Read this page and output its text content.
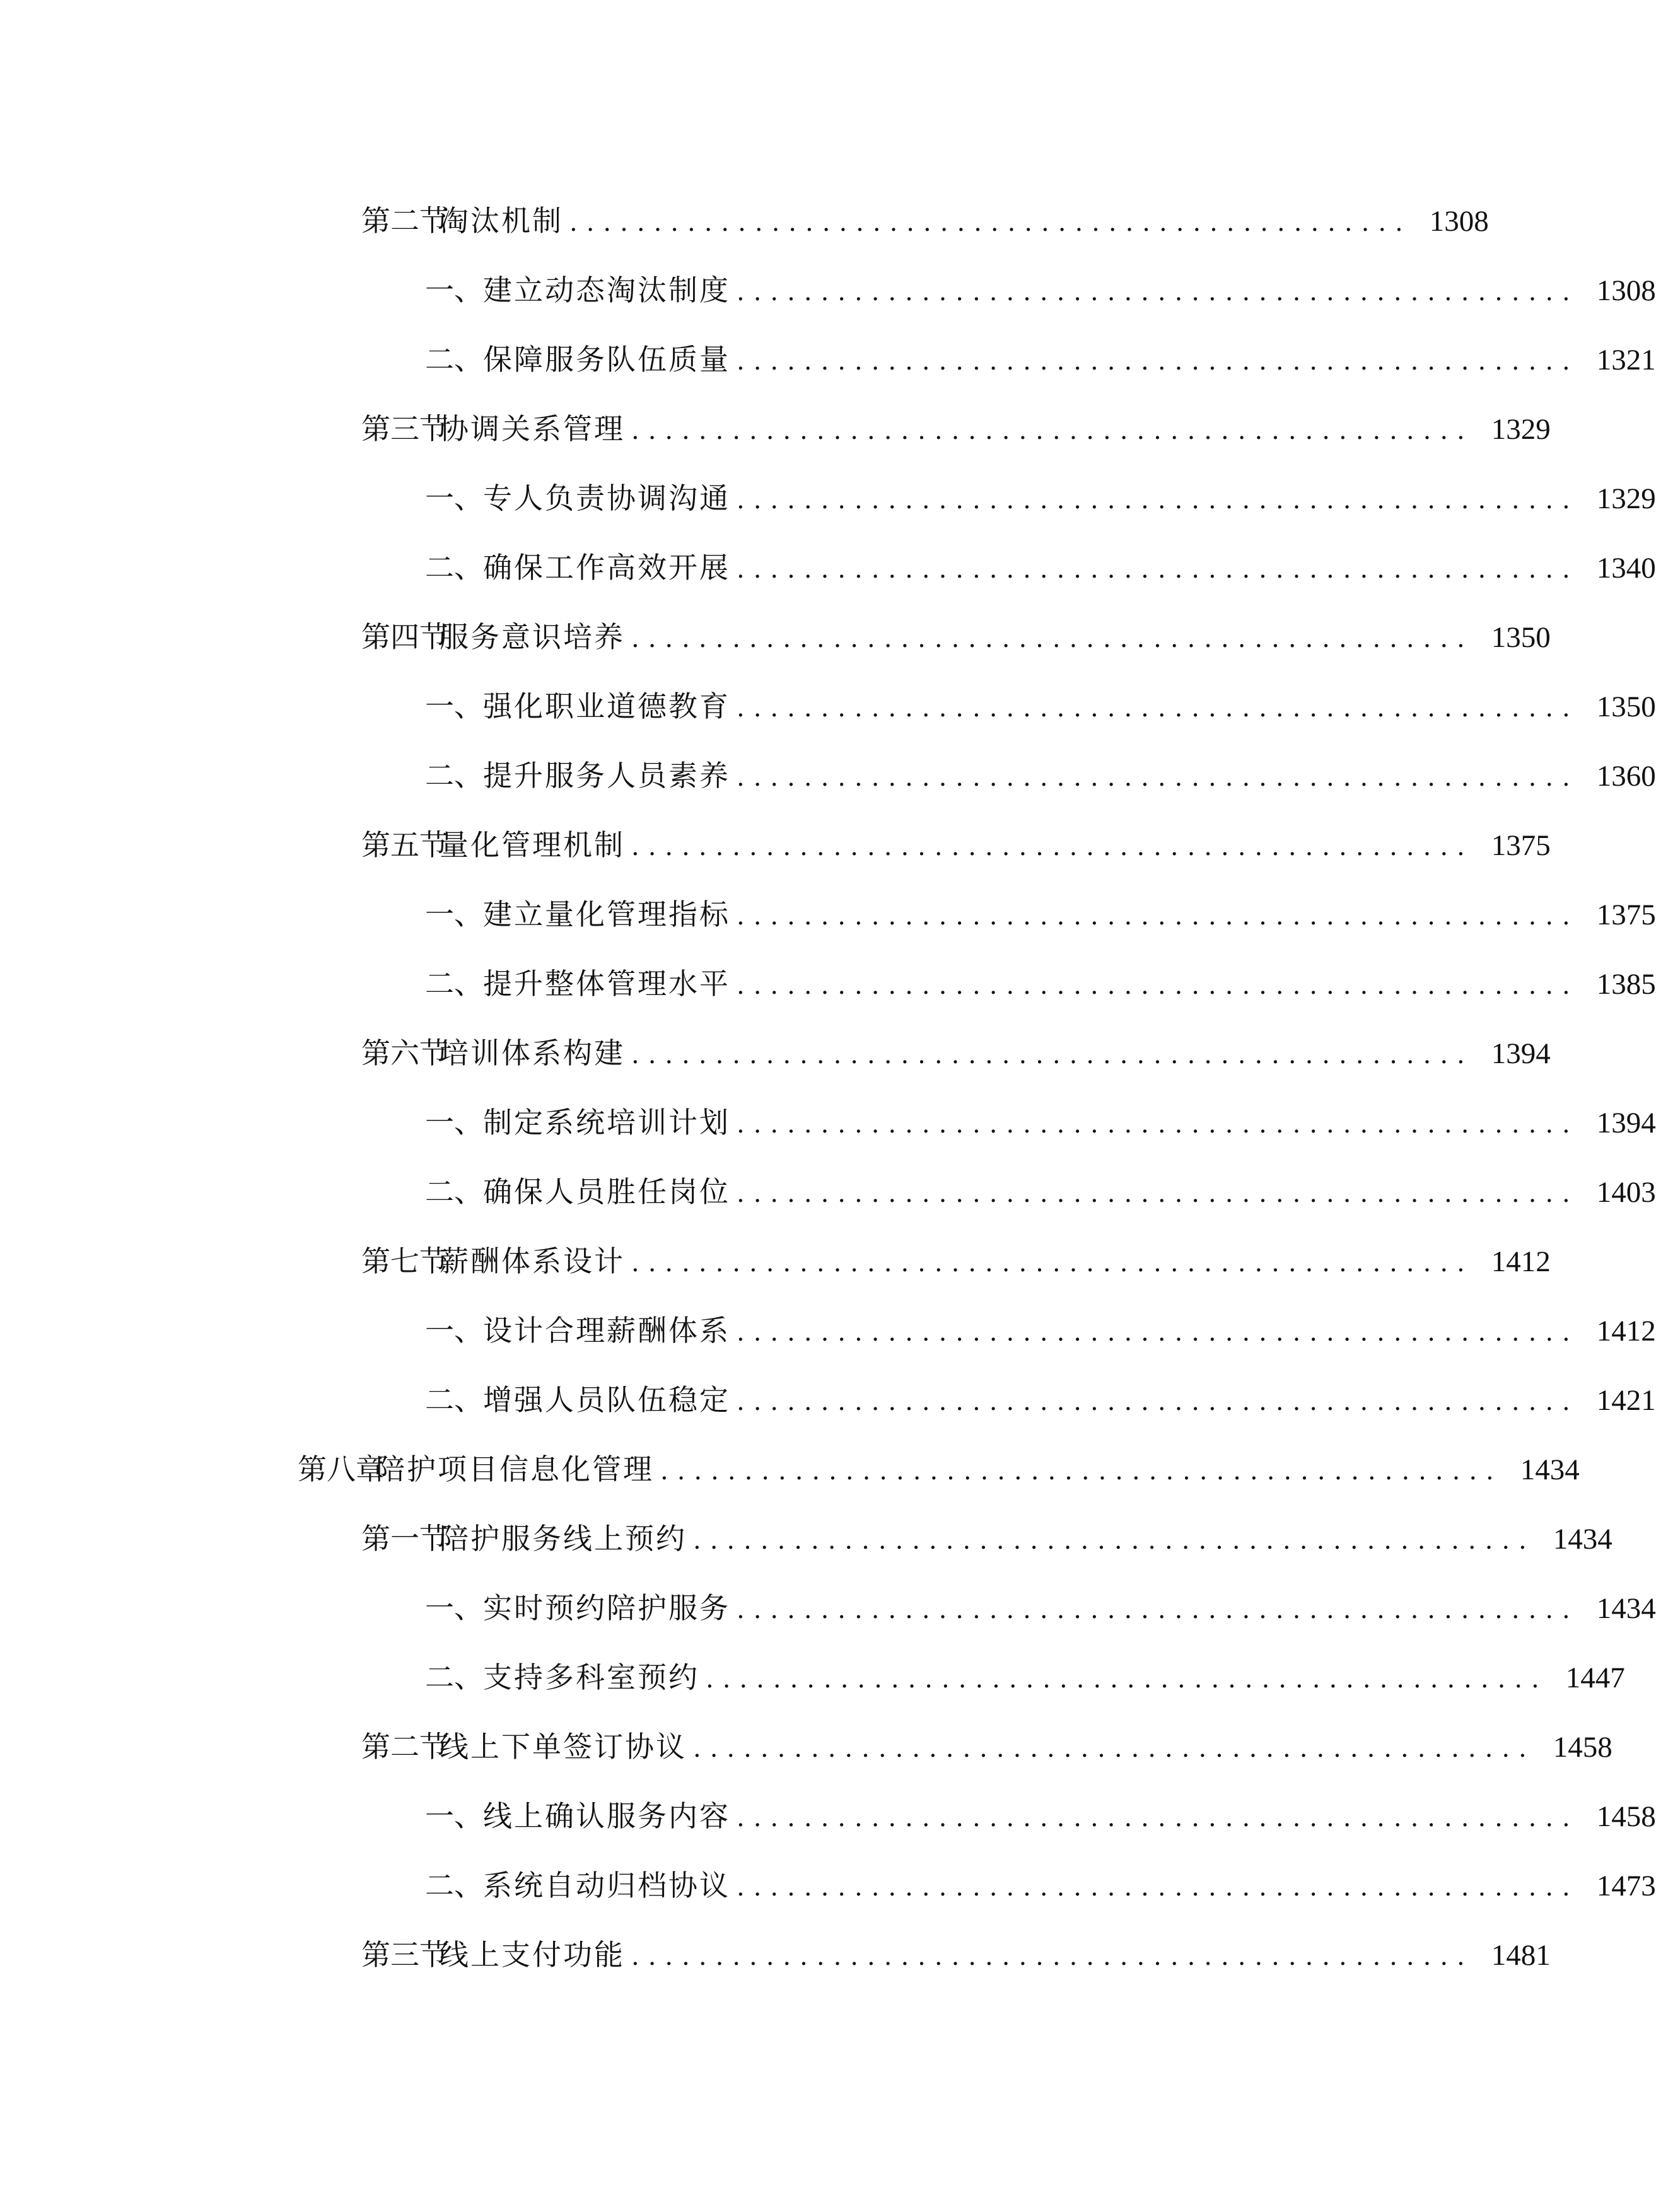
第二节
淘汰机制 .................................................. 1308
一、 建立动态淘汰制度 .................................................. 1308
二、 保障服务队伍质量 .................................................. 1321
第三节
协调关系管理 .................................................. 1329
一、 专人负责协调沟通 .................................................. 1329
二、 确保工作高效开展 .................................................. 1340
第四节
服务意识培养 .................................................. 1350
一、 强化职业道德教育 .................................................. 1350
二、 提升服务人员素养 .................................................. 1360
第五节
量化管理机制 .................................................. 1375
一、 建立量化管理指标 .................................................. 1375
二、 提升整体管理水平 .................................................. 1385
第六节
培训体系构建 .................................................. 1394
一、 制定系统培训计划 .................................................. 1394
二、 确保人员胜任岗位 .................................................. 1403
第七节
薪酬体系设计 .................................................. 1412
一、 设计合理薪酬体系 .................................................. 1412
二、 增强人员队伍稳定 .................................................. 1421
第八章
陪护项目信息化管理 .................................................. 1434
第一节
陪护服务线上预约 .................................................. 1434
一、 实时预约陪护服务 .................................................. 1434
二、 支持多科室预约 .................................................. 1447
第二节
线上下单签订协议 .................................................. 1458
一、 线上确认服务内容 .................................................. 1458
二、 系统自动归档协议 .................................................. 1473
第三节
线上支付功能 .................................................. 1481
